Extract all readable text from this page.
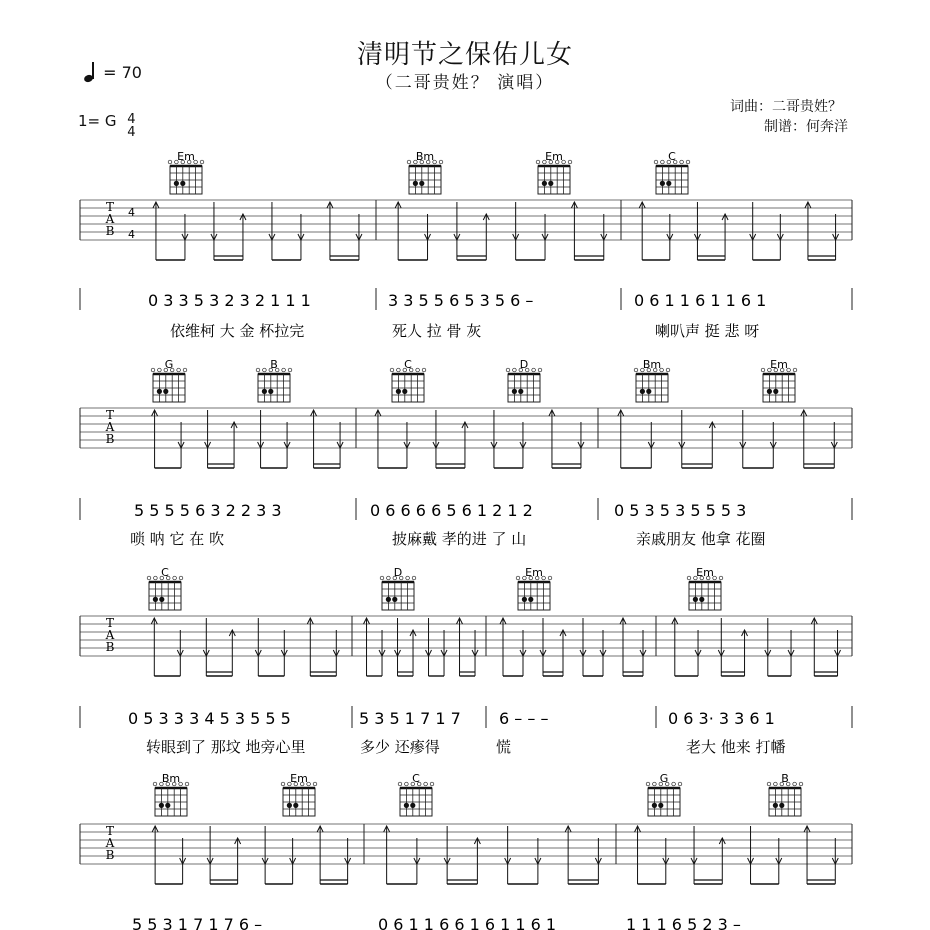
清明节之保佑儿女
（二哥贵姓？ 演唱）
= 70
1= G 4
4
词曲：二哥贵姓？
制谱：何奔洋
T
A
B
4
4
0 3 3 5 3 2 3 2 1 1 1	3 3 5 5 6 5 3 5 6 –	0 6 1 1 6 1 1 6 1
依维柯 大 金 杯拉完	死人 拉 骨 灰	喇叭声 挺 悲 呀
Em	Bm	Em	C
T
A
B
5 5 5 5 6 3 2 2 3 3	0 6 6 6 6 5 6 1 2 1 2	0 5 3 5 3 5 5 5 3
唢 呐 它 在 吹	披麻戴 孝的进 了 山	亲戚朋友 他拿 花圈
G	B	C	D	Bm	Em
T
A
B
0 5 3 3 3 4 5 3 5 5 5	5 3 5 1 7 1 7 6 – – –	0 6 3· 3 3 6 1
转眼到了 那坟 地旁心里	多少 还瘆得	慌	老大 他来 打幡
C	D	Em	Em
T
A
B
5 5 3 1 7 1 7 6 –	0 6 1 1 6 6 1 6 1 1 6 1	1 1 1 6 5 2 3 –
Bm	Em	C	G	B
